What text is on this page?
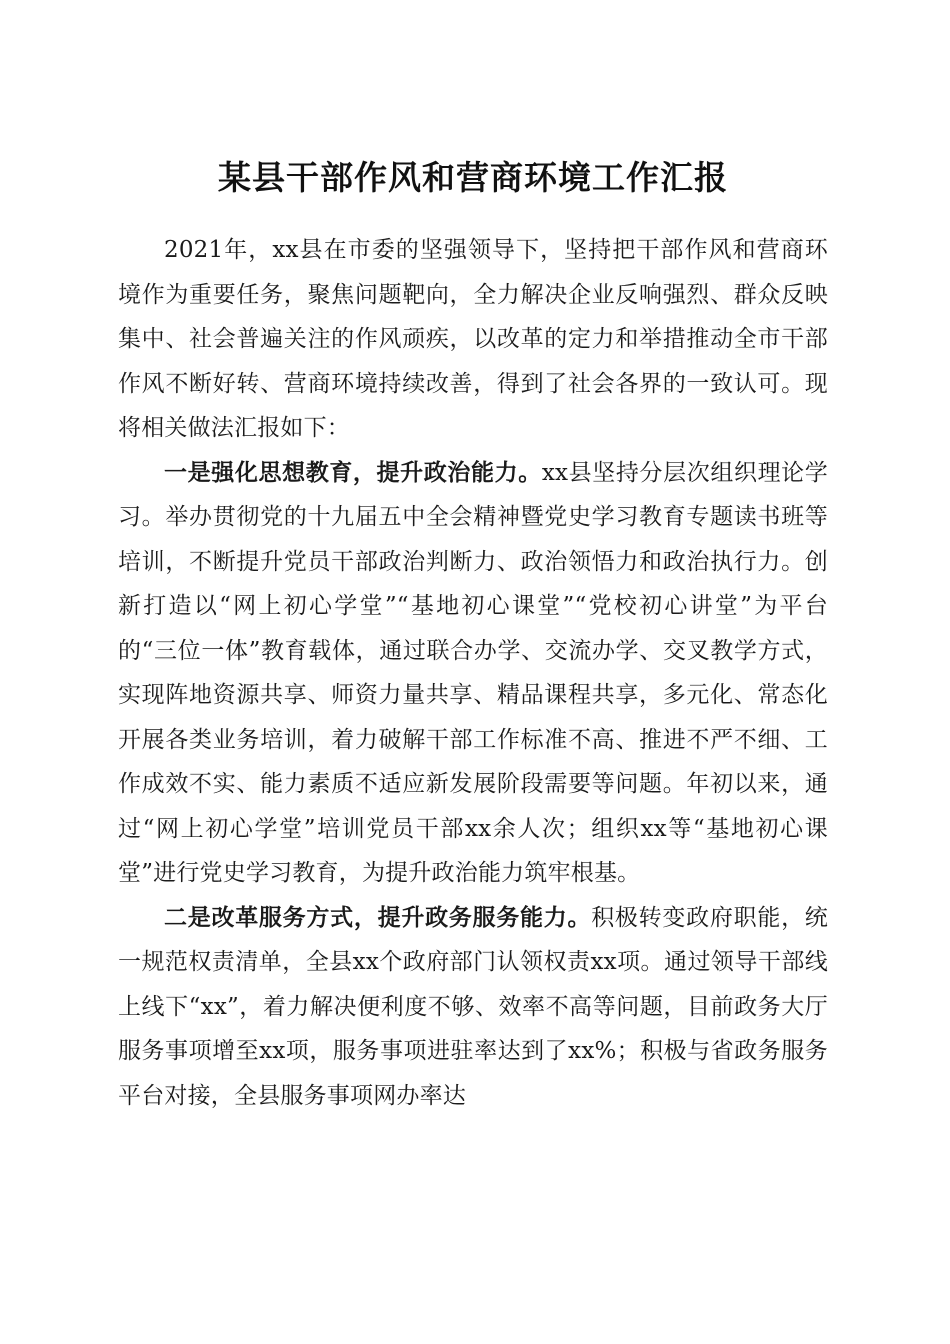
某县干部作风和营商环境工作汇报

2021年，xx县在市委的坚强领导下，坚持把干部作风和营商环境作为重要任务，聚焦问题靶向，全力解决企业反响强烈、群众反映集中、社会普遍关注的作风顽疾，以改革的定力和举措推动全市干部作风不断好转、营商环境持续改善，得到了社会各界的一致认可。现将相关做法汇报如下：

一是强化思想教育，提升政治能力。xx县坚持分层次组织理论学习。举办贯彻党的十九届五中全会精神暨党史学习教育专题读书班等培训，不断提升党员干部政治判断力、政治领悟力和政治执行力。创新打造以“网上初心学堂”“基地初心课堂”“党校初心讲堂”为平台的“三位一体”教育载体，通过联合办学、交流办学、交叉教学方式，实现阵地资源共享、师资力量共享、精品课程共享，多元化、常态化开展各类业务培训，着力破解干部工作标准不高、推进不严不细、工作成效不实、能力素质不适应新发展阶段需要等问题。年初以来，通过“网上初心学堂”培训党员干部xx余人次；组织xx等“基地初心课堂”进行党史学习教育，为提升政治能力筑牢根基。

二是改革服务方式，提升政务服务能力。积极转变政府职能，统一规范权责清单，全县xx个政府部门认领权责xx项。通过领导干部线上线下“xx”，着力解决便利度不够、效率不高等问题，目前政务大厅服务事项增至xx项，服务事项进驻率达到了xx%；积极与省政务服务平台对接，全县服务事项网办率达
